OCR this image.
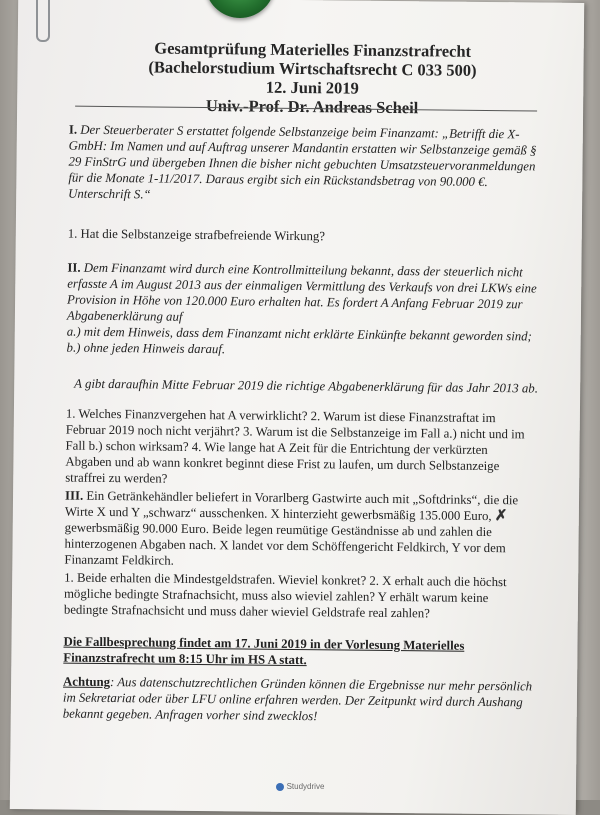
Gesamtprüfung Materielles Finanzstrafrecht
(Bachelorstudium Wirtschaftsrecht C 033 500)
12. Juni 2019
Univ.-Prof. Dr. Andreas Scheil
I. Der Steuerberater S erstattet folgende Selbstanzeige beim Finanzamt: „Betrifft die X-GmbH: Im Namen und auf Auftrag unserer Mandantin erstatten wir Selbstanzeige gemäß § 29 FinStrG und übergeben Ihnen die bisher nicht gebuchten Umsatzsteuervoranmeldungen für die Monate 1-11/2017. Daraus ergibt sich ein Rückstandsbetrag von 90.000 €. Unterschrift S.“
1. Hat die Selbstanzeige strafbefreiende Wirkung?
II. Dem Finanzamt wird durch eine Kontrollmitteilung bekannt, dass der steuerlich nicht erfasste A im August 2013 aus der einmaligen Vermittlung des Verkaufs von drei LKWs eine Provision in Höhe von 120.000 Euro erhalten hat. Es fordert A Anfang Februar 2019 zur Abgabenerklärung auf
a.) mit dem Hinweis, dass dem Finanzamt nicht erklärte Einkünfte bekannt geworden sind;
b.) ohne jeden Hinweis darauf.
A gibt daraufhin Mitte Februar 2019 die richtige Abgabenerklärung für das Jahr 2013 ab.
1. Welches Finanzvergehen hat A verwirklicht? 2. Warum ist diese Finanzstraftat im Februar 2019 noch nicht verjährt? 3. Warum ist die Selbstanzeige im Fall a.) nicht und im Fall b.) schon wirksam? 4. Wie lange hat A Zeit für die Entrichtung der verkürzten Abgaben und ab wann konkret beginnt diese Frist zu laufen, um durch Selbstanzeige straffrei zu werden?
III. Ein Getränkehändler beliefert in Vorarlberg Gastwirte auch mit „Softdrinks“, die die Wirte X und Y „schwarz“ ausschenken. X hinterzieht gewerbsmäßig 135.000 Euro, ✗ gewerbsmäßig 90.000 Euro. Beide legen reumütige Geständnisse ab und zahlen die hinterzogenen Abgaben nach. X landet vor dem Schöffengericht Feldkirch, Y vor dem Finanzamt Feldkirch.
1. Beide erhalten die Mindestgeldstrafen. Wieviel konkret? 2. X erhalt auch die höchst mögliche bedingte Strafnachsicht, muss also wieviel zahlen? Y erhält warum keine bedingte Strafnachsicht und muss daher wieviel Geldstrafe real zahlen?
Die Fallbesprechung findet am 17. Juni 2019 in der Vorlesung Materielles
Finanzstrafrecht um 8:15 Uhr im HS A statt.
Achtung: Aus datenschutzrechtlichen Gründen können die Ergebnisse nur mehr persönlich im Sekretariat oder über LFU online erfahren werden. Der Zeitpunkt wird durch Aushang bekannt gegeben. Anfragen vorher sind zwecklos!
Studydrive
